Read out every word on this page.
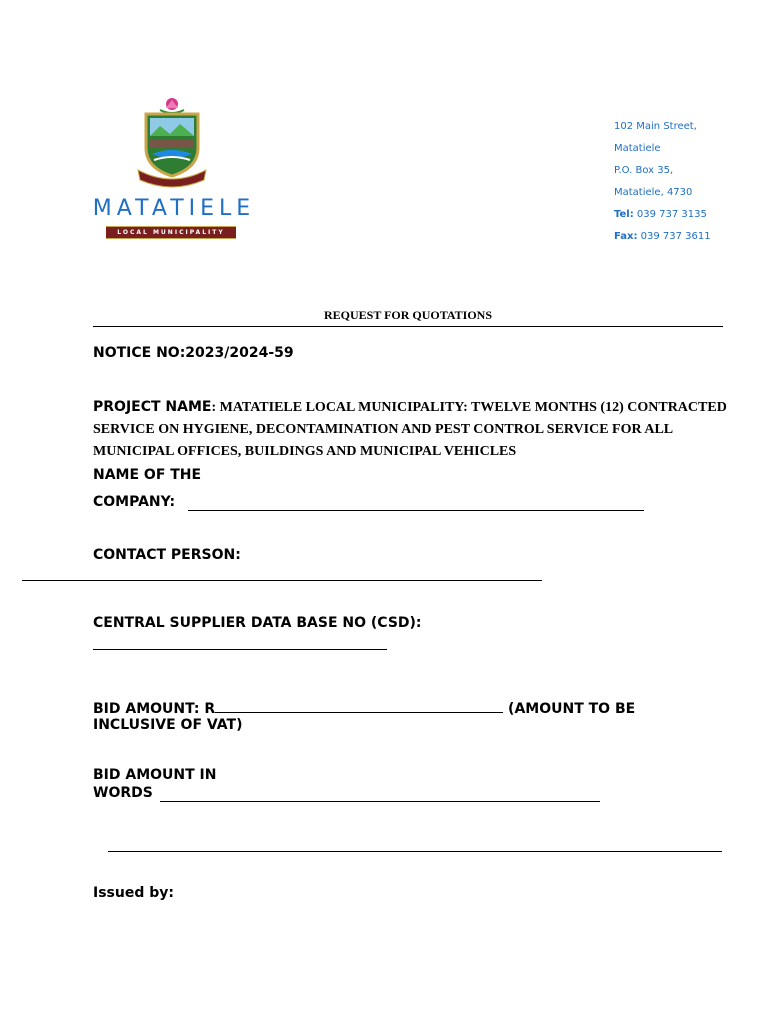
MATATIELE
LOCAL MUNICIPALITY
102 Main Street,
Matatiele
P.O. Box 35,
Matatiele, 4730
Tel: 039 737 3135
Fax: 039 737 3611
REQUEST FOR QUOTATIONS
NOTICE NO:2023/2024-59
PROJECT NAME: MATATIELE LOCAL MUNICIPALITY: TWELVE MONTHS (12) CONTRACTED SERVICE ON HYGIENE, DECONTAMINATION AND PEST CONTROL SERVICE FOR ALL MUNICIPAL OFFICES, BUILDINGS AND MUNICIPAL VEHICLES
NAME OF THE
COMPANY:
CONTACT PERSON:
CENTRAL SUPPLIER DATA BASE NO (CSD):
BID AMOUNT: R	(AMOUNT TO BE
INCLUSIVE OF VAT)
BID AMOUNT IN
WORDS
Issued by:
